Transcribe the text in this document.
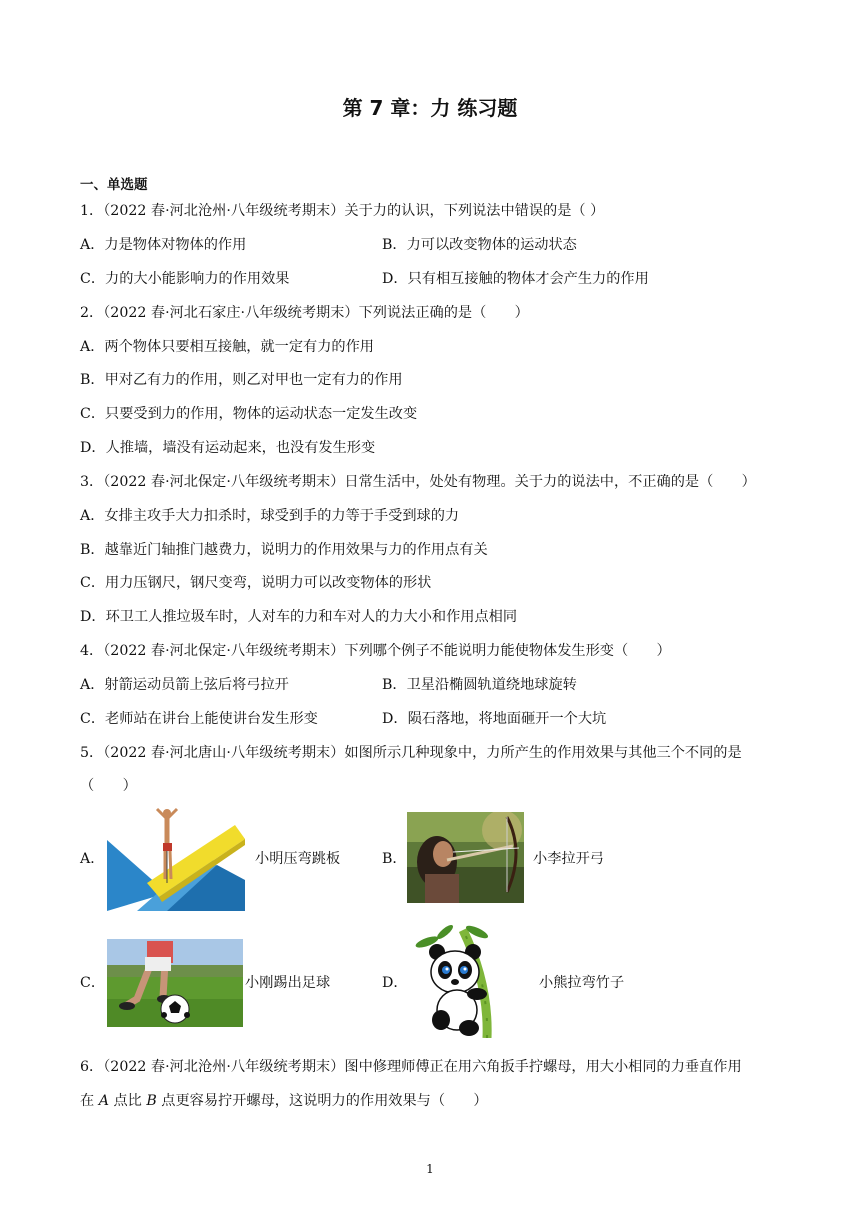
第 7 章：力 练习题
一、单选题
1．（2022 春·河北沧州·八年级统考期末）关于力的认识，下列说法中错误的是（ ）
A．力是物体对物体的作用	B．力可以改变物体的运动状态
C．力的大小能影响力的作用效果	D．只有相互接触的物体才会产生力的作用
2．（2022 春·河北石家庄·八年级统考期末）下列说法正确的是（　　）
A．两个物体只要相互接触，就一定有力的作用
B．甲对乙有力的作用，则乙对甲也一定有力的作用
C．只要受到力的作用，物体的运动状态一定发生改变
D．人推墙，墙没有运动起来，也没有发生形变
3．（2022 春·河北保定·八年级统考期末）日常生活中，处处有物理。关于力的说法中，不正确的是（　　）
A．女排主攻手大力扣杀时，球受到手的力等于手受到球的力
B．越靠近门轴推门越费力，说明力的作用效果与力的作用点有关
C．用力压钢尺，钢尺变弯，说明力可以改变物体的形状
D．环卫工人推垃圾车时，人对车的力和车对人的力大小和作用点相同
4．（2022 春·河北保定·八年级统考期末）下列哪个例子不能说明力能使物体发生形变（　　）
A．射箭运动员箭上弦后将弓拉开	B．卫星沿椭圆轨道绕地球旋转
C．老师站在讲台上能使讲台发生形变	D．陨石落地，将地面砸开一个大坑
5．（2022 春·河北唐山·八年级统考期末）如图所示几种现象中，力所产生的作用效果与其他三个不同的是
（　　）
A．	小明压弯跳板	B．	小李拉开弓
C．	小刚踢出足球	D．	小熊拉弯竹子
6．（2022 春·河北沧州·八年级统考期末）图中修理师傅正在用六角扳手拧螺母，用大小相同的力垂直作用
在 A 点比 B 点更容易拧开螺母，这说明力的作用效果与（　　）
1
